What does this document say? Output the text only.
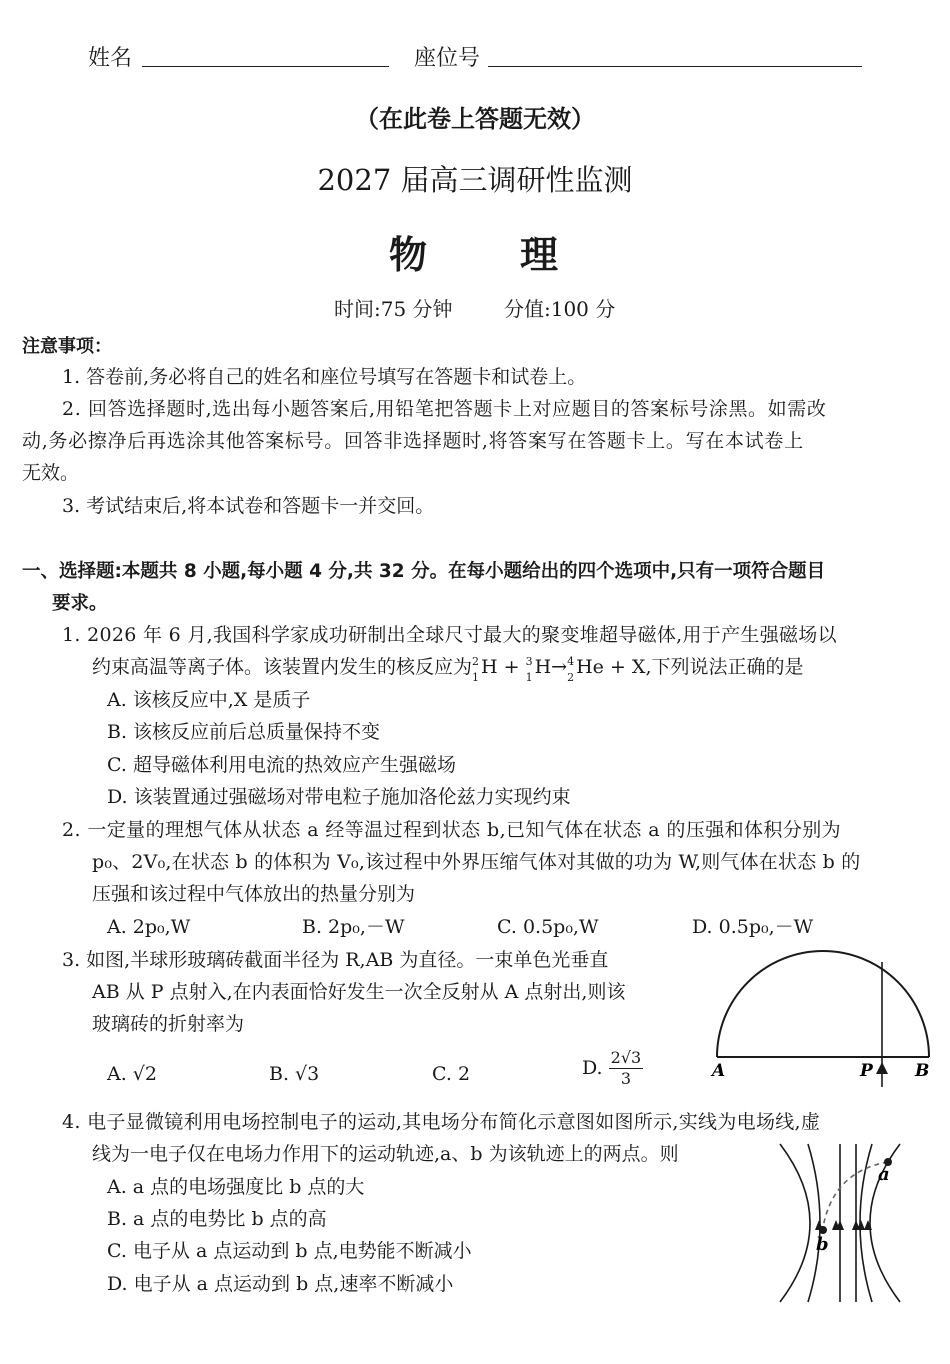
姓名	座位号
（在此卷上答题无效）
2027 届高三调研性监测
物 理
时间:75 分钟	分值:100 分
注意事项：
1. 答卷前,务必将自己的姓名和座位号填写在答题卡和试卷上。
2. 回答选择题时,选出每小题答案后,用铅笔把答题卡上对应题目的答案标号涂黑。如需改
动,务必擦净后再选涂其他答案标号。回答非选择题时,将答案写在答题卡上。写在本试卷上
无效。
3. 考试结束后,将本试卷和答题卡一并交回。
一、选择题:本题共 8 小题,每小题 4 分,共 32 分。在每小题给出的四个选项中,只有一项符合题目
要求。
1. 2026 年 6 月,我国科学家成功研制出全球尺寸最大的聚变堆超导磁体,用于产生强磁场以
约束高温等离子体。该装置内发生的核反应为 2
1 H + 3
1 H→ 4
2 He + X,下列说法正确的是
A. 该核反应中,X 是质子
B. 该核反应前后总质量保持不变
C. 超导磁体利用电流的热效应产生强磁场
D. 该装置通过强磁场对带电粒子施加洛伦兹力实现约束
2. 一定量的理想气体从状态 a 经等温过程到状态 b,已知气体在状态 a 的压强和体积分别为
p₀、2V₀,在状态 b 的体积为 V₀,该过程中外界压缩气体对其做的功为 W,则气体在状态 b 的
压强和该过程中气体放出的热量分别为
A. 2p₀,W	B. 2p₀,－W	C. 0.5p₀,W	D. 0.5p₀,－W
3. 如图,半球形玻璃砖截面半径为 R,AB 为直径。一束单色光垂直
AB 从 P 点射入,在内表面恰好发生一次全反射从 A 点射出,则该
玻璃砖的折射率为
A. √2	B. √3	C. 2	D. $\frac{2√3}{3}$	A	P B
4. 电子显微镜利用电场控制电子的运动,其电场分布简化示意图如图所示,实线为电场线,虚
线为一电子仅在电场力作用下的运动轨迹,a、b 为该轨迹上的两点。则
A. a 点的电场强度比 b 点的大
B. a 点的电势比 b 点的高
C. 电子从 a 点运动到 b 点,电势能不断减小
D. 电子从 a 点运动到 b 点,速率不断减小
a
b
